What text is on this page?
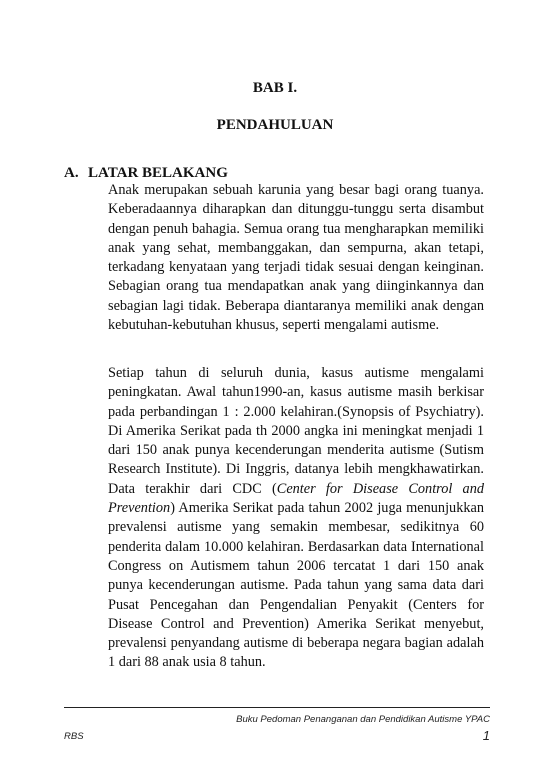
BAB I.
PENDAHULUAN
A. LATAR BELAKANG

Anak merupakan sebuah karunia yang besar bagi orang tuanya. Keberadaannya diharapkan dan ditunggu-tunggu serta disambut dengan penuh bahagia. Semua orang tua mengharapkan memiliki anak yang sehat, membanggakan, dan sempurna, akan tetapi, terkadang kenyataan yang terjadi tidak sesuai dengan keinginan. Sebagian orang tua mendapatkan anak yang diinginkannya dan sebagian lagi tidak. Beberapa diantaranya memiliki anak dengan kebutuhan-kebutuhan khusus, seperti mengalami autisme.

Setiap tahun di seluruh dunia, kasus autisme mengalami peningkatan. Awal tahun1990-an, kasus autisme masih berkisar pada perbandingan 1 : 2.000 kelahiran.(Synopsis of Psychiatry). Di Amerika Serikat pada th 2000 angka ini meningkat menjadi 1 dari 150 anak punya kecenderungan menderita autisme (Sutism Research Institute). Di Inggris, datanya lebih mengkhawatirkan. Data terakhir dari CDC (Center for Disease Control and Prevention) Amerika Serikat pada tahun 2002 juga menunjukkan prevalensi autisme yang semakin membesar, sedikitnya 60 penderita dalam 10.000 kelahiran. Berdasarkan data International Congress on Autismem tahun 2006 tercatat 1 dari 150 anak punya kecenderungan autisme. Pada tahun yang sama data dari Pusat Pencegahan dan Pengendalian Penyakit (Centers for Disease Control and Prevention) Amerika Serikat menyebut, prevalensi penyandang autisme di beberapa negara bagian adalah 1 dari 88 anak usia 8 tahun.

Buku Pedoman Penanganan dan Pendidikan Autisme YPAC
RBS	1
